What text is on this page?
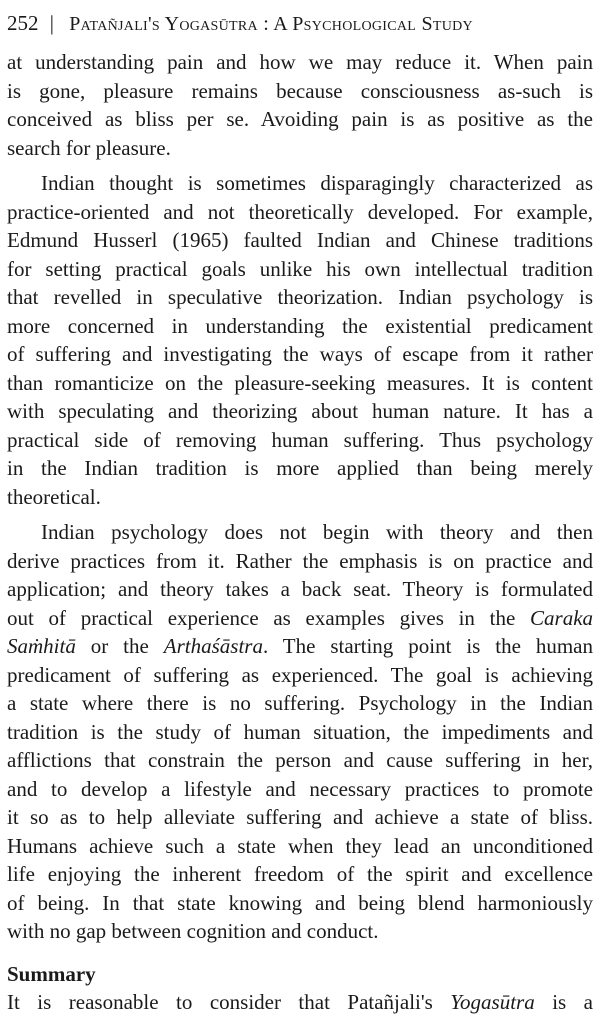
252 | Patañjali's Yogasūtra : A Psychological Study
at understanding pain and how we may reduce it. When pain
is gone, pleasure remains because consciousness as-such is
conceived as bliss per se. Avoiding pain is as positive as the
search for pleasure.
Indian thought is sometimes disparagingly characterized as
practice-oriented and not theoretically developed. For example,
Edmund Husserl (1965) faulted Indian and Chinese traditions
for setting practical goals unlike his own intellectual tradition
that revelled in speculative theorization. Indian psychology is
more concerned in understanding the existential predicament
of suffering and investigating the ways of escape from it rather
than romanticize on the pleasure-seeking measures. It is content
with speculating and theorizing about human nature. It has a
practical side of removing human suffering. Thus psychology
in the Indian tradition is more applied than being merely
theoretical.
Indian psychology does not begin with theory and then
derive practices from it. Rather the emphasis is on practice and
application; and theory takes a back seat. Theory is formulated
out of practical experience as examples gives in the Caraka
Saṁhitā or the Arthaśāstra. The starting point is the human
predicament of suffering as experienced. The goal is achieving
a state where there is no suffering. Psychology in the Indian
tradition is the study of human situation, the impediments and
afflictions that constrain the person and cause suffering in her,
and to develop a lifestyle and necessary practices to promote
it so as to help alleviate suffering and achieve a state of bliss.
Humans achieve such a state when they lead an unconditioned
life enjoying the inherent freedom of the spirit and excellence
of being. In that state knowing and being blend harmoniously
with no gap between cognition and conduct.
Summary
It is reasonable to consider that Patañjali's Yogasūtra is a
